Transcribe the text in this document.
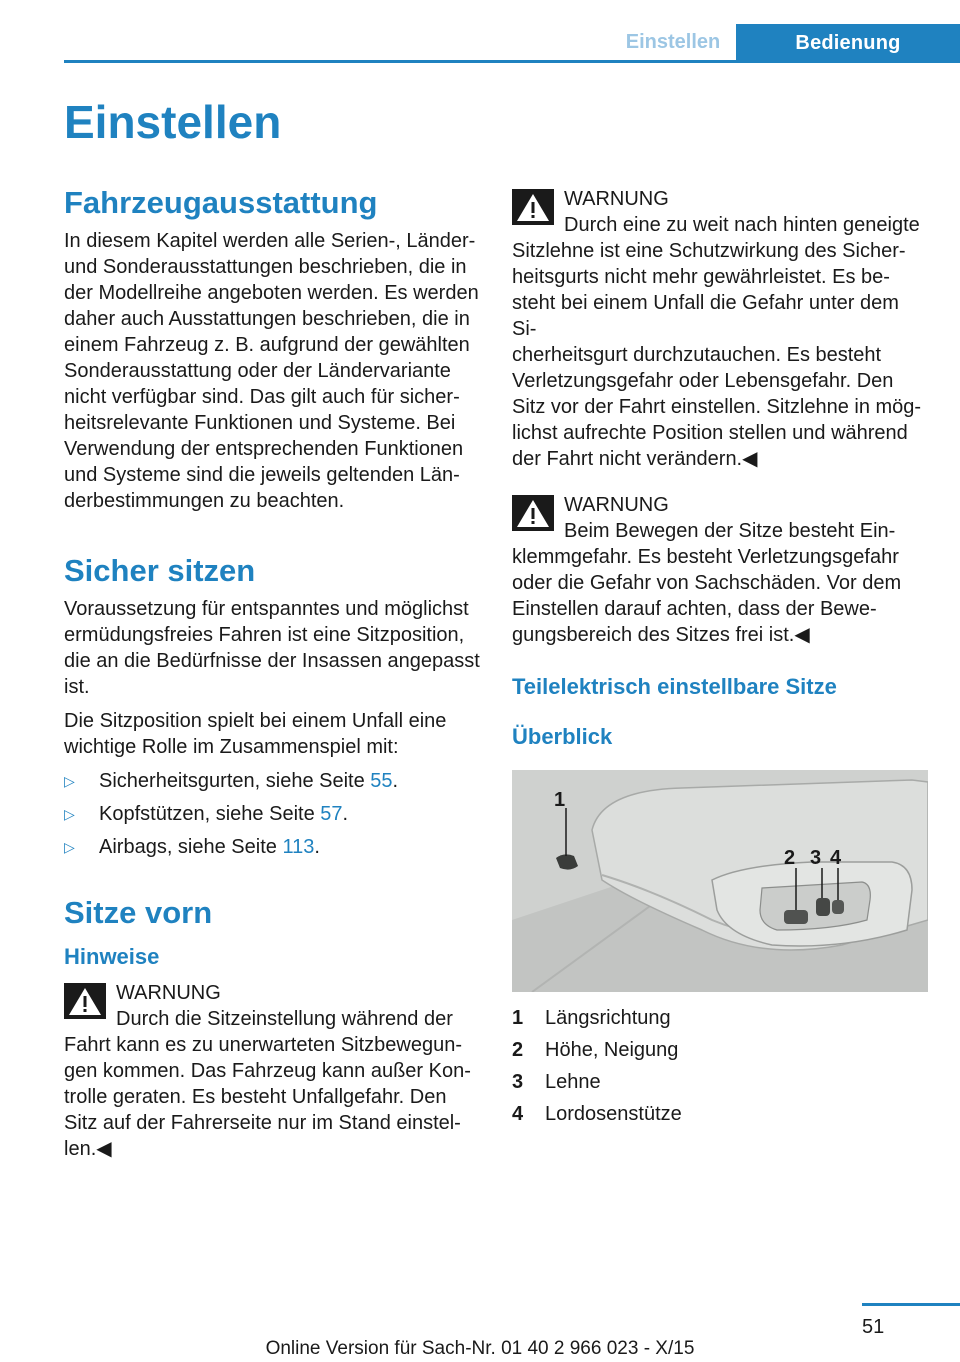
Einstellen	Bedienung
Einstellen
Fahrzeugausstattung

In diesem Kapitel werden alle Serien-, Länder-
und Sonderausstattungen beschrieben, die in
der Modellreihe angeboten werden. Es werden
daher auch Ausstattungen beschrieben, die in
einem Fahrzeug z. B. aufgrund der gewählten
Sonderausstattung oder der Ländervariante
nicht verfügbar sind. Das gilt auch für sicher-
heitsrelevante Funktionen und Systeme. Bei
Verwendung der entsprechenden Funktionen
und Systeme sind die jeweils geltenden Län-
derbestimmungen zu beachten.

Sicher sitzen

Voraussetzung für entspanntes und möglichst
ermüdungsfreies Fahren ist eine Sitzposition,
die an die Bedürfnisse der Insassen angepasst
ist.

Die Sitzposition spielt bei einem Unfall eine
wichtige Rolle im Zusammenspiel mit:

▷ Sicherheitsgurten, siehe Seite 55.
▷ Kopfstützen, siehe Seite 57.
▷ Airbags, siehe Seite 113.
Sitze vorn
Hinweise
WARNUNG

Durch die Sitzeinstellung während der
Fahrt kann es zu unerwarteten Sitzbewegun-
gen kommen. Das Fahrzeug kann außer Kon-
trolle geraten. Es besteht Unfallgefahr. Den
Sitz auf der Fahrerseite nur im Stand einstel-
len.◀

WARNUNG

Durch eine zu weit nach hinten geneigte
Sitzlehne ist eine Schutzwirkung des Sicher-
heitsgurts nicht mehr gewährleistet. Es be-
steht bei einem Unfall die Gefahr unter dem Si-
cherheitsgurt durchzutauchen. Es besteht
Verletzungsgefahr oder Lebensgefahr. Den
Sitz vor der Fahrt einstellen. Sitzlehne in mög-
lichst aufrechte Position stellen und während
der Fahrt nicht verändern.◀

WARNUNG

Beim Bewegen der Sitze besteht Ein-
klemmgefahr. Es besteht Verletzungsgefahr
oder die Gefahr von Sachschäden. Vor dem
Einstellen darauf achten, dass der Bewe-
gungsbereich des Sitzes frei ist.◀

Teilelektrisch einstellbare Sitze
Überblick
1
2 3 4
1	Längsrichtung
2	Höhe, Neigung
3	Lehne
4	Lordosenstütze
51
Online Version für Sach-Nr. 01 40 2 966 023 - X/15
